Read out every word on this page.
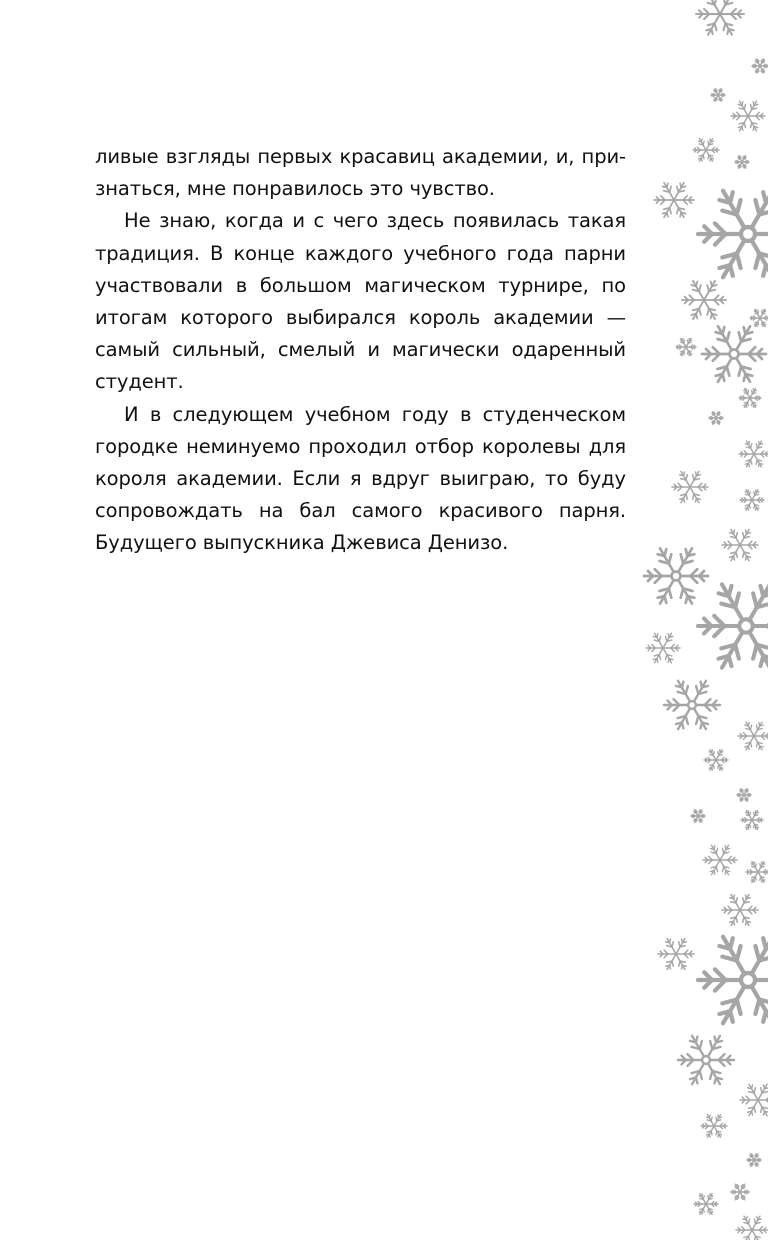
ливые взгляды первых красавиц академии, и, при-знаться, мне понравилось это чувство.

Не знаю, когда и с чего здесь появилась такая традиция. В конце каждого учебного года парни участвовали в большом магическом турнире, по итогам которого выбирался король академии — самый сильный, смелый и магически одаренный студент.

И в следующем учебном году в студенческом городке неминуемо проходил отбор королевы для короля академии. Если я вдруг выиграю, то буду сопровождать на бал самого красивого парня. Будущего выпускника Джевиса Денизо.
